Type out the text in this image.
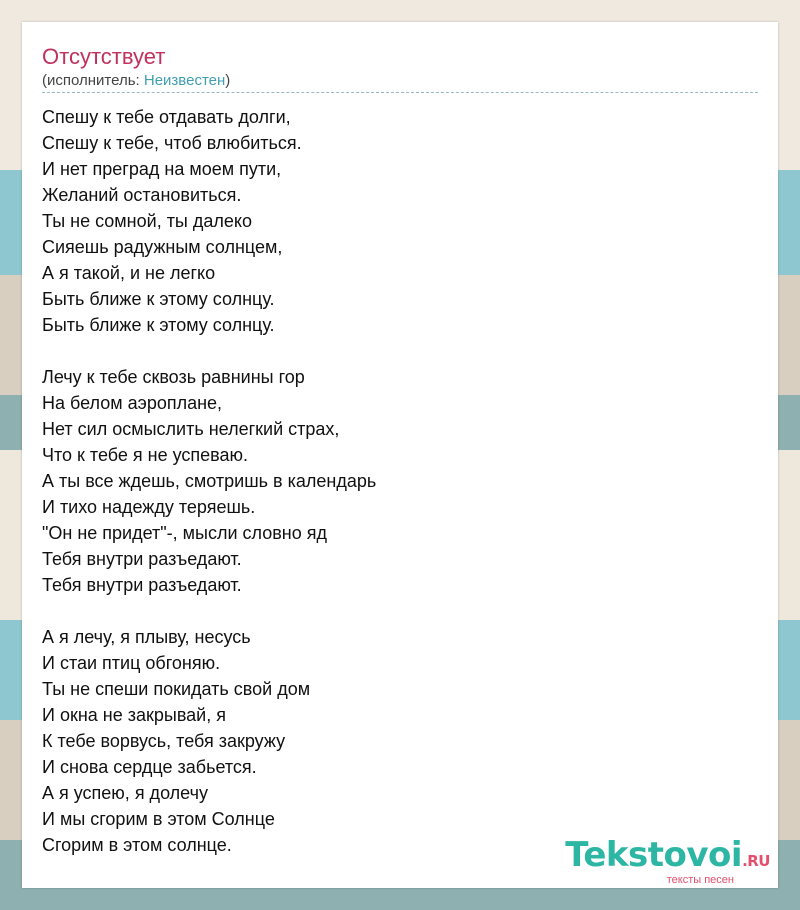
Отсутствует
(исполнитель: Неизвестен)
Спешу к тебе отдавать долги,
Спешу к тебе, чтоб влюбиться.
И нет преград на моем пути,
Желаний остановиться.
Ты не сомной, ты далеко
Сияешь радужным солнцем,
А я такой, и не легко
Быть ближе к этому солнцу.
Быть ближе к этому солнцу.
Лечу к тебе сквозь равнины гор
На белом аэроплане,
Нет сил осмыслить нелегкий страх,
Что к тебе я не успеваю.
А ты все ждешь, смотришь в календарь
И тихо надежду теряешь.
"Он не придет"-, мысли словно яд
Тебя внутри разъедают.
Тебя внутри разъедают.
А я лечу, я плыву, несусь
И стаи птиц обгоняю.
Ты не спеши покидать свой дом
И окна не закрывай, я
К тебе ворвусь, тебя закружу
И снова сердце забьется.
А я успею, я долечу
И мы сгорим в этом Солнце
Сгорим в этом солнце.	Tekstovoi.RU
тексты песен
